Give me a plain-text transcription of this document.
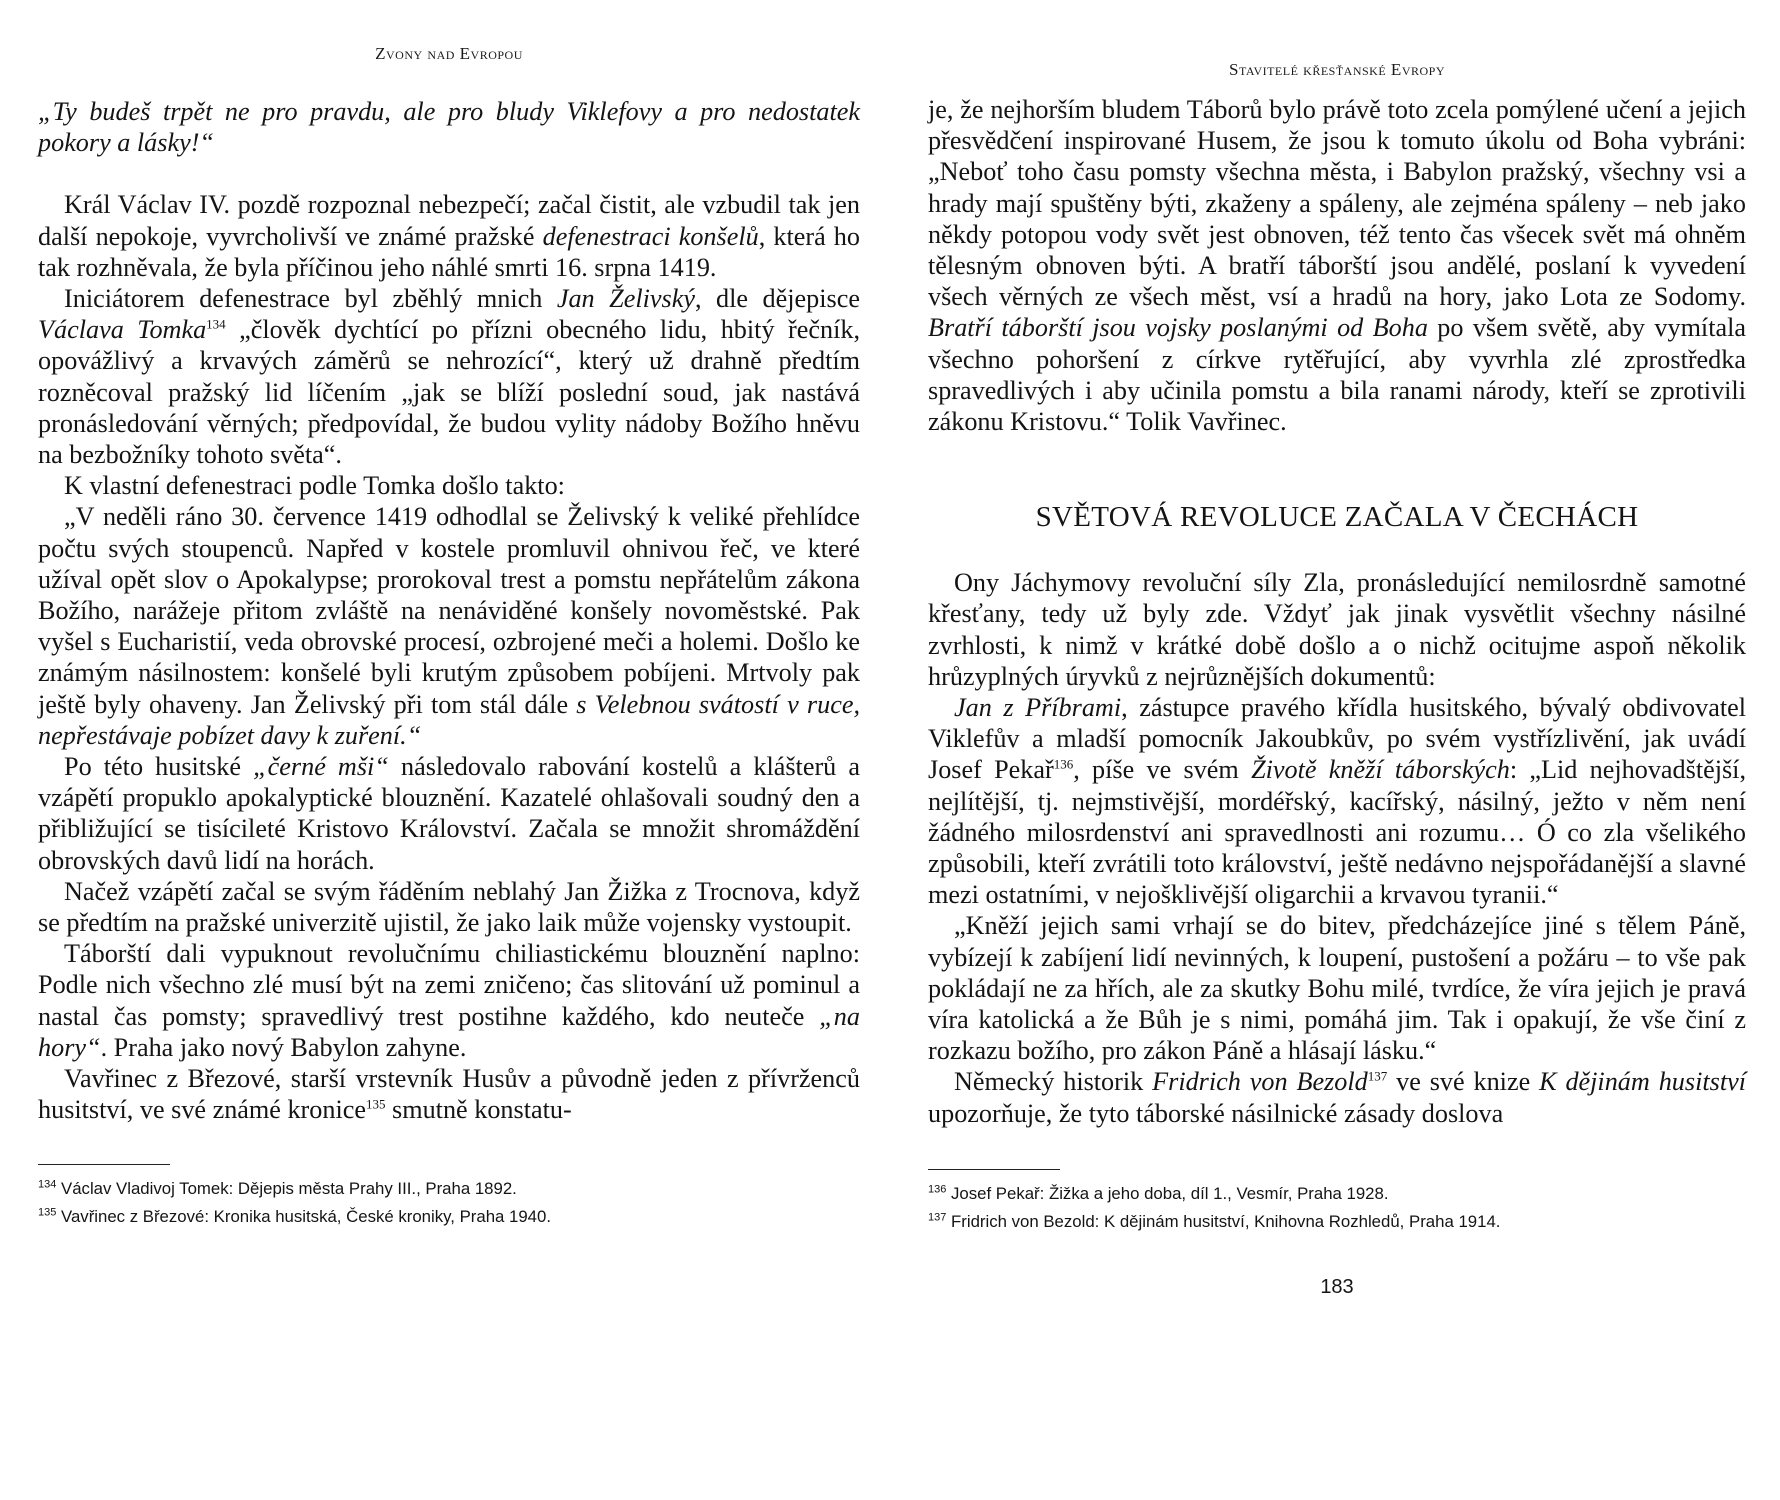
Zvony nad Evropou

„Ty budeš trpět ne pro pravdu, ale pro bludy Viklefovy a pro nedostatek pokory a lásky!“

Král Václav IV. pozdě rozpoznal nebezpečí; začal čistit, ale vzbudil tak jen další nepokoje, vyvrcholivší ve známé pražské defenestraci konšelů, která ho tak rozhněvala, že byla příčinou jeho náhlé smrti 16. srpna 1419.

Iniciátorem defenestrace byl zběhlý mnich Jan Želivský, dle dějepisce Václava Tomka$^{134}$ „člověk dychtící po přízni obecného lidu, hbitý řečník, opovážlivý a krvavých záměrů se nehrozící“, který už drahně předtím rozněcoval pražský lid líčením „jak se blíží poslední soud, jak nastává pronásledování věrných; předpovídal, že budou vylity nádoby Božího hněvu na bezbožníky tohoto světa“.

K vlastní defenestraci podle Tomka došlo takto:

„V neděli ráno 30. července 1419 odhodlal se Želivský k veliké přehlídce počtu svých stoupenců. Napřed v kostele promluvil ohnivou řeč, ve které užíval opět slov o Apokalypse; prorokoval trest a pomstu nepřátelům zákona Božího, narážeje přitom zvláště na nenáviděné konšely novoměstské. Pak vyšel s Eucharistií, veda obrovské procesí, ozbrojené meči a holemi. Došlo ke známým násilnostem: konšelé byli krutým způsobem pobíjeni. Mrtvoly pak ještě byly ohaveny. Jan Želivský při tom stál dále s Velebnou svátostí v ruce, nepřestávaje pobízet davy k zuření.“

Po této husitské „černé mši“ následovalo rabování kostelů a klášterů a vzápětí propuklo apokalyptické blouznění. Kazatelé ohlašovali soudný den a přibližující se tisícileté Kristovo Království. Začala se množit shromáždění obrovských davů lidí na horách.

Načež vzápětí začal se svým řáděním neblahý Jan Žižka z Trocnova, když se předtím na pražské univerzitě ujistil, že jako laik může vojensky vystoupit.

Táborští dali vypuknout revolučnímu chiliastickému blouznění naplno: Podle nich všechno zlé musí být na zemi zničeno; čas slitování už pominul a nastal čas pomsty; spravedlivý trest postihne každého, kdo neuteče „na hory“. Praha jako nový Babylon zahyne.

Vavřinec z Březové, starší vrstevník Husův a původně jeden z přívrženců husitství, ve své známé kronice$^{135}$ smutně konstatu-

$^{134}$ Václav Vladivoj Tomek: Dějepis města Prahy III., Praha 1892.
$^{135}$ Vavřinec z Březové: Kronika husitská, České kroniky, Praha 1940.
Stavitelé křesťanské Evropy

je, že nejhorším bludem Táborů bylo právě toto zcela pomýlené učení a jejich přesvědčení inspirované Husem, že jsou k tomuto úkolu od Boha vybráni: „Neboť toho času pomsty všechna města, i Babylon pražský, všechny vsi a hrady mají spuštěny býti, zkaženy a spáleny, ale zejména spáleny – neb jako někdy potopou vody svět jest obnoven, též tento čas všecek svět má ohněm tělesným obnoven býti. A bratří táborští jsou andělé, poslaní k vyvedení všech věrných ze všech měst, vsí a hradů na hory, jako Lota ze Sodomy. Bratří táborští jsou vojsky poslanými od Boha po všem světě, aby vymítala všechno pohoršení z církve rytěřující, aby vyvrhla zlé zprostředka spravedlivých i aby učinila pomstu a bila ranami národy, kteří se zprotivili zákonu Kristovu.“ Tolik Vavřinec.

SVĚTOVÁ REVOLUCE ZAČALA V ČECHÁCH

Ony Jáchymovy revoluční síly Zla, pronásledující nemilosrdně samotné křesťany, tedy už byly zde. Vždyť jak jinak vysvětlit všechny násilné zvrhlosti, k nimž v krátké době došlo a o nichž ocitujme aspoň několik hrůzyplných úryvků z nejrůznějších dokumentů:

Jan z Příbrami, zástupce pravého křídla husitského, bývalý obdivovatel Viklefův a mladší pomocník Jakoubkův, po svém vystřízlivění, jak uvádí Josef Pekař$^{136}$, píše ve svém Životě kněží táborských: „Lid nejhovadštější, nejlítější, tj. nejmstivější, mordéřský, kacířský, násilný, ježto v něm není žádného milosrdenství ani spravedlnosti ani rozumu… Ó co zla všelikého způsobili, kteří zvrátili toto království, ještě nedávno nejspořádanější a slavné mezi ostatními, v nejošklivější oligarchii a krvavou tyranii.“

„Kněží jejich sami vrhají se do bitev, předcházejíce jiné s tělem Páně, vybízejí k zabíjení lidí nevinných, k loupení, pustošení a požáru – to vše pak pokládají ne za hřích, ale za skutky Bohu milé, tvrdíce, že víra jejich je pravá víra katolická a že Bůh je s nimi, pomáhá jim. Tak i opakují, že vše činí z rozkazu božího, pro zákon Páně a hlásají lásku.“

Německý historik Fridrich von Bezold$^{137}$ ve své knize K dějinám husitství upozorňuje, že tyto táborské násilnické zásady doslova

$^{136}$ Josef Pekař: Žižka a jeho doba, díl 1., Vesmír, Praha 1928.
$^{137}$ Fridrich von Bezold: K dějinám husitství, Knihovna Rozhledů, Praha 1914.
183
